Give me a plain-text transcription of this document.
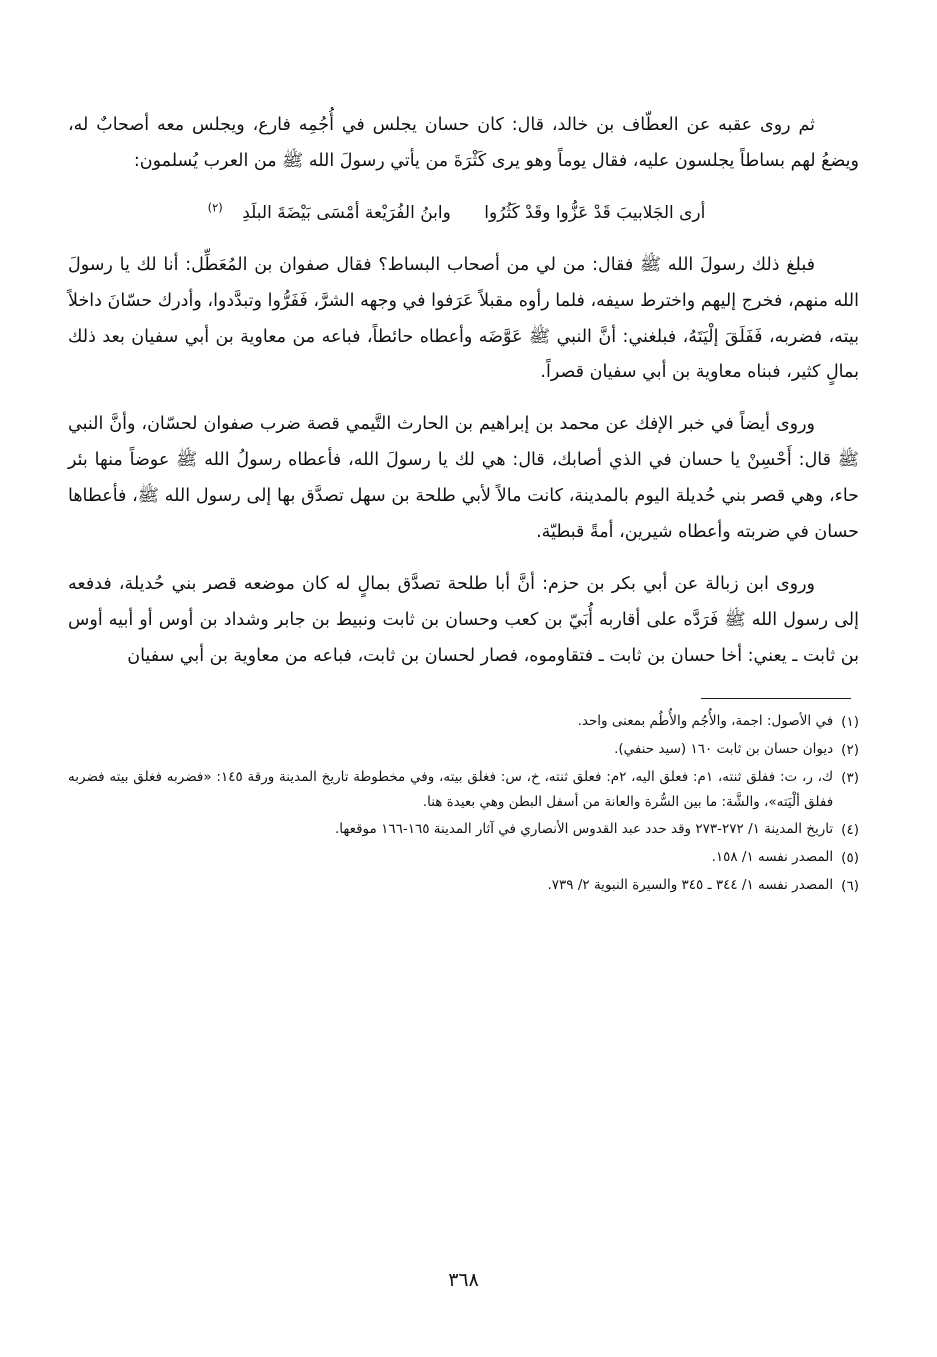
ثم روى عقبه عن العطّاف بن خالد، قال: كان حسان يجلس في أُجُمِه فارع، ويجلس معه أصحابٌ له، ويضعُ لهم بساطاً يجلسون عليه، فقال يوماً وهو يرى كَثْرَةَ من يأتي رسولَ الله ﷺ من العرب يُسلمون:

أرى الجَلابيبَ قَدْ عَزُّوا وقَدْ كَثُرُوا وابنُ الفُرَيْعة أمْسَى بَيْضَةَ البلَدِ $^{(٢)}$

فبلغ ذلك رسولَ الله ﷺ فقال: من لي من أصحاب البساط؟ فقال صفوان بن المُعَطِّل: أنا لك يا رسولَ الله منهم، فخرج إليهم واخترط سيفه، فلما رأوه مقبلاً عَرَفوا في وجهه الشرَّ، فَفَرُّوا وتبدَّدوا، وأدرك حسّانَ داخلاً بيته، فضربه، فَفَلَقَ إلْيَتَهُ، فبلغني: أنَّ النبي ﷺ عَوَّضَه وأعطاه حائطاً، فباعه من معاوية بن أبي سفيان بعد ذلك بمالٍ كثير، فبناه معاوية بن أبي سفيان قصراً.

وروى أيضاً في خبر الإفك عن محمد بن إبراهيم بن الحارث التَّيمي قصة ضرب صفوان لحسّان، وأنَّ النبي ﷺ قال: أَحْسِنْ يا حسان في الذي أصابك، قال: هي لك يا رسولَ الله، فأعطاه رسولُ الله ﷺ عوضاً منها بئر حاء، وهي قصر بني حُديلة اليوم بالمدينة، كانت مالاً لأبي طلحة بن سهل تصدَّق بها إلى رسول الله ﷺ، فأعطاها حسان في ضربته وأعطاه شيرين، أمةً قبطيّة.

وروى ابن زبالة عن أبي بكر بن حزم: أنَّ أبا طلحة تصدَّق بمالٍ له كان موضعه قصر بني حُديلة، فدفعه إلى رسول الله ﷺ فَرَدَّه على أقاربه أُبَيّ بن كعب وحسان بن ثابت ونبيط بن جابر وشداد بن أوس أو أبيه أوس بن ثابت ـ يعني: أخا حسان بن ثابت ـ فتقاوموه، فصار لحسان بن ثابت، فباعه من معاوية بن أبي سفيان

(١)
في الأصول: اجمة، والأُجُم والأُطُم بمعنى واحد.
(٢)
ديوان حسان بن ثابت ١٦٠ (سيد حنفي).
(٣)
ك، ر، ت: ففلق ثنته، ١م: فعلق اليه، ٢م: فعلق ثنته، خ، س: فغلق بيته، وفي مخطوطة تاريخ المدينة ورقة ١٤٥: «فضربه فغلق بيته فضربه ففلق ألْيَته»، والشَّة: ما بين السُّرة والعانة من أسفل البطن وهي بعيدة هنا.
(٤)
تاريخ المدينة ١/ ٢٧٢-٢٧٣ وقد حدد عبد القدوس الأنصاري في آثار المدينة ١٦٥-١٦٦ موقعها.
(٥)
المصدر نفسه ١/ ١٥٨.
(٦)
المصدر نفسه ١/ ٣٤٤ ـ ٣٤٥ والسيرة النبوية ٢/ ٧٣٩.
٣٦٨
